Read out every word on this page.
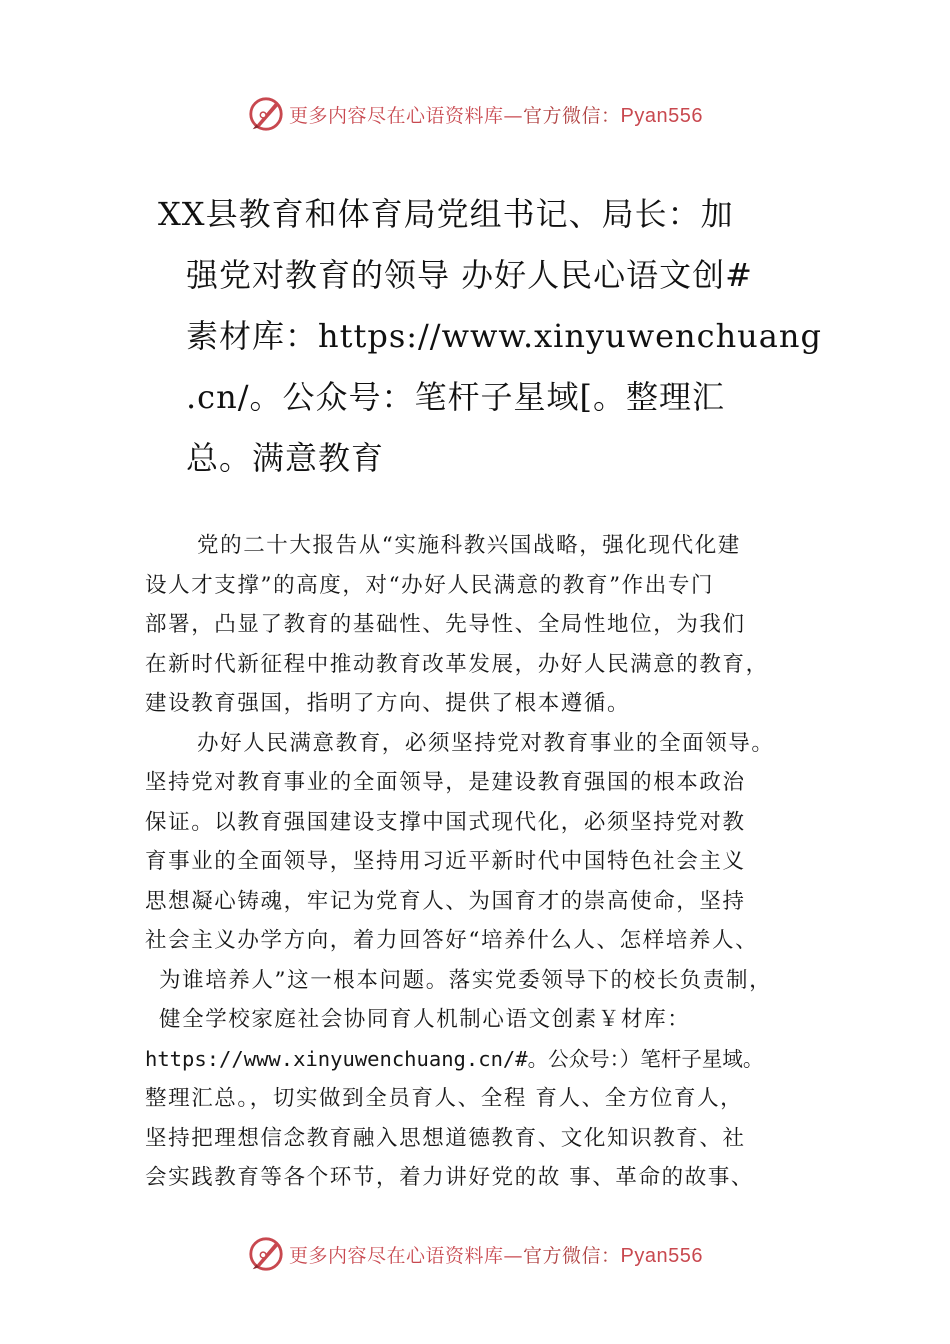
更多内容尽在心语资料库—官方微信：Pyan556
XX县教育和体育局党组书记、局长：加
强党对教育的领导 办好人民心语文创#
素材库：https://www.xinyuwenchuang
.cn/。公众号：笔杆子星域[。整理汇
总。满意教育
党的二十大报告从“实施科教兴国战略，强化现代化建
设人才支撑”的高度，对“办好人民满意的教育”作出专门
部署，凸显了教育的基础性、先导性、全局性地位，为我们
在新时代新征程中推动教育改革发展，办好人民满意的教育，
建设教育强国，指明了方向、提供了根本遵循。
办好人民满意教育，必须坚持党对教育事业的全面领导。
坚持党对教育事业的全面领导，是建设教育强国的根本政治
保证。以教育强国建设支撑中国式现代化，必须坚持党对教
育事业的全面领导，坚持用习近平新时代中国特色社会主义
思想凝心铸魂，牢记为党育人、为国育才的崇高使命，坚持
社会主义办学方向，着力回答好“培养什么人、怎样培养人、
为谁培养人”这一根本问题。落实党委领导下的校长负责制，
健全学校家庭社会协同育人机制心语文创素￥材库：
https://www.xinyuwenchuang.cn/#。公众号：）笔杆子星域。
整理汇总。，切实做到全员育人、全程 育人、全方位育人，
坚持把理想信念教育融入思想道德教育、文化知识教育、社
会实践教育等各个环节，着力讲好党的故 事、革命的故事、
更多内容尽在心语资料库—官方微信：Pyan556
